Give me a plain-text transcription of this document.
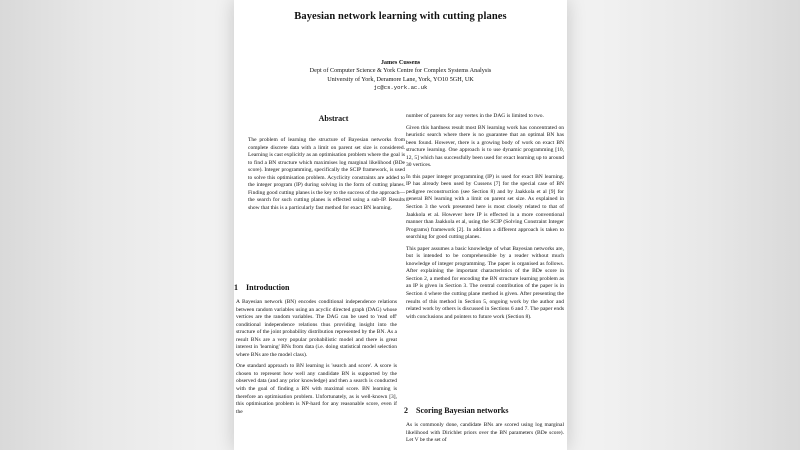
Bayesian network learning with cutting planes
James Cussens
Dept of Computer Science & York Centre for Complex Systems Analysis
University of York, Deramore Lane, York, YO10 5GH, UK
jc@cs.york.ac.uk
Abstract
The problem of learning the structure of Bayesian networks from complete discrete data with a limit on parent set size is considered. Learning is cast explicitly as an optimisation problem where the goal is to find a BN structure which maximises log marginal likelihood (BDe score). Integer programming, specifically the SCIP framework, is used to solve this optimisation problem. Acyclicity constraints are added to the integer program (IP) during solving in the form of cutting planes. Finding good cutting planes is the key to the success of the approach—the search for such cutting planes is effected using a sub-IP. Results show that this is a particularly fast method for exact BN learning.
1    Introduction

A Bayesian network (BN) encodes conditional independence relations between random variables using an acyclic directed graph (DAG) whose vertices are the random variables. The DAG can be used to 'read off' conditional independence relations thus providing insight into the structure of the joint probability distribution represented by the BN. As a result BNs are a very popular probabilistic model and there is great interest in 'learning' BNs from data (i.e. doing statistical model selection where BNs are the model class).

One standard approach to BN learning is 'search and score'. A score is chosen to represent how well any candidate BN is supported by the observed data (and any prior knowledge) and then a search is conducted with the goal of finding a BN with maximal score. BN learning is therefore an optimisation problem. Unfortunately, as is well-known [3], this optimisation problem is NP-hard for any reasonable score, even if the

number of parents for any vertex in the DAG is limited to two.

Given this hardness result most BN learning work has concentrated on heuristic search where there is no guarantee that an optimal BN has been found. However, there is a growing body of work on exact BN structure learning. One approach is to use dynamic programming [10, 12, 5] which has successfully been used for exact learning up to around 30 vertices.

In this paper integer programming (IP) is used for exact BN learning. IP has already been used by Cussens [7] for the special case of BN pedigree reconstruction (see Section 8) and by Jaakkola et al [9] for general BN learning with a limit on parent set size. As explained in Section 3 the work presented here is most closely related to that of Jaakkola et al. However here IP is effected in a more conventional manner than Jaakkola et al, using the SCIP (Solving Constraint Integer Programs) framework [2]. In addition a different approach is taken to searching for good cutting planes.

This paper assumes a basic knowledge of what Bayesian networks are, but is intended to be comprehensible by a reader without much knowledge of integer programming. The paper is organised as follows. After explaining the important characteristics of the BDe score in Section 2, a method for encoding the BN structure learning problem as an IP is given in Section 3. The central contribution of the paper is in Section 4 where the cutting plane method is given. After presenting the results of this method in Section 5, ongoing work by the author and related work by others is discussed in Sections 6 and 7. The paper ends with conclusions and pointers to future work (Section 8).

2    Scoring Bayesian networks

As is commonly done, candidate BNs are scored using log marginal likelihood with Dirichlet priors over the BN parameters (BDe score). Let V be the set of
